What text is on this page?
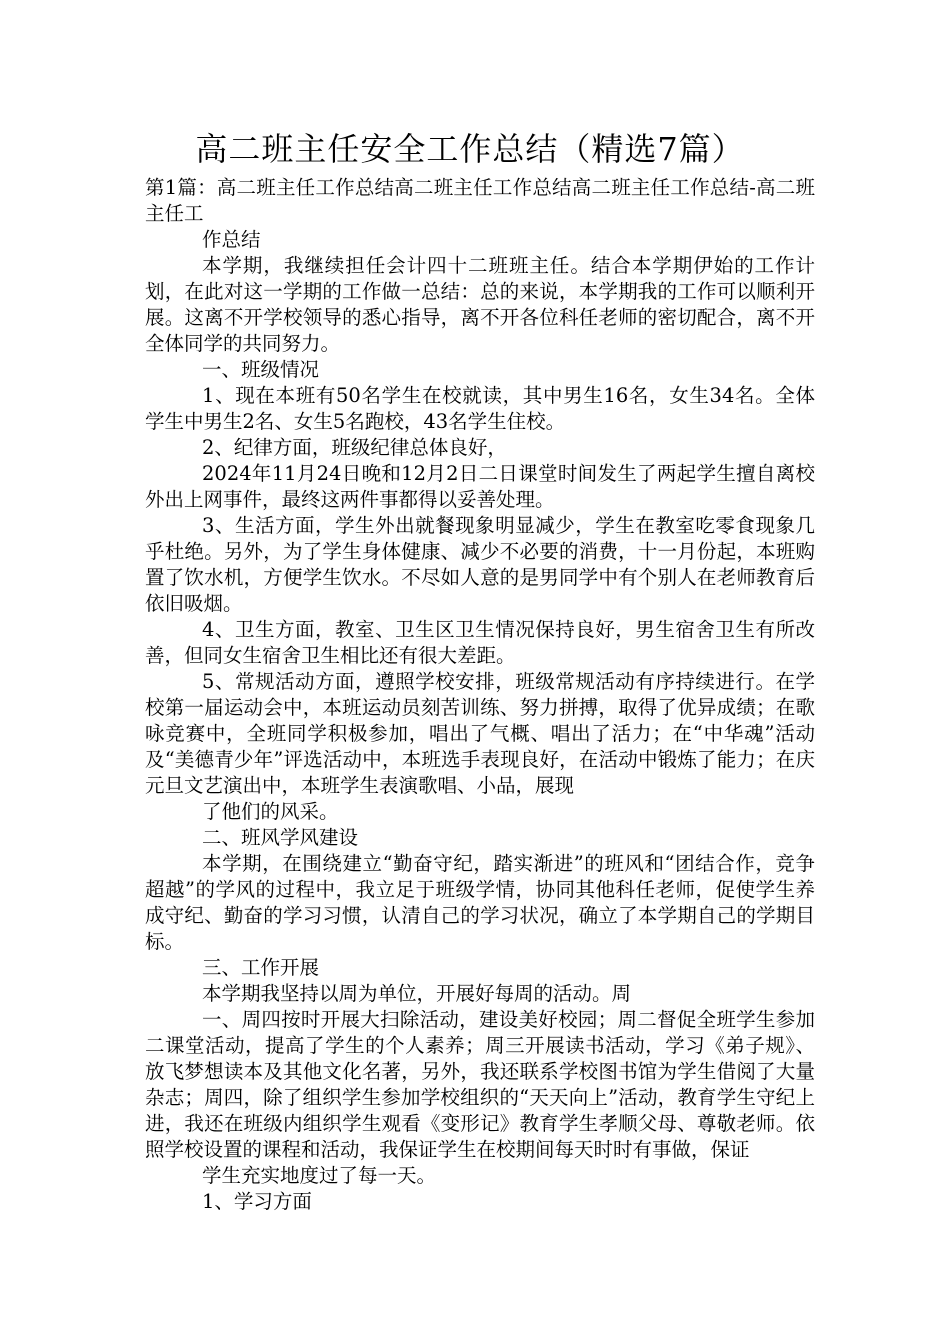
高二班主任安全工作总结（精选7篇）

第1篇：高二班主任工作总结高二班主任工作总结高二班主任工作总结-高二班主任工

作总结

本学期，我继续担任会计四十二班班主任。结合本学期伊始的工作计划，在此对这一学期的工作做一总结：总的来说，本学期我的工作可以顺利开展。这离不开学校领导的悉心指导，离不开各位科任老师的密切配合，离不开全体同学的共同努力。

一、班级情况

1、现在本班有50名学生在校就读，其中男生16名，女生34名。全体学生中男生2名、女生5名跑校，43名学生住校。

2、纪律方面，班级纪律总体良好，

2024年11月24日晚和12月2日二日课堂时间发生了两起学生擅自离校外出上网事件，最终这两件事都得以妥善处理。

3、生活方面，学生外出就餐现象明显减少，学生在教室吃零食现象几乎杜绝。另外，为了学生身体健康、减少不必要的消费，十一月份起，本班购置了饮水机，方便学生饮水。不尽如人意的是男同学中有个别人在老师教育后依旧吸烟。

4、卫生方面，教室、卫生区卫生情况保持良好，男生宿舍卫生有所改善，但同女生宿舍卫生相比还有很大差距。

5、常规活动方面，遵照学校安排，班级常规活动有序持续进行。在学校第一届运动会中，本班运动员刻苦训练、努力拼搏，取得了优异成绩；在歌咏竞赛中，全班同学积极参加，唱出了气概、唱出了活力；在“中华魂”活动及“美德青少年”评选活动中，本班选手表现良好，在活动中锻炼了能力；在庆元旦文艺演出中，本班学生表演歌唱、小品，展现

了他们的风采。

二、班风学风建设

本学期，在围绕建立“勤奋守纪，踏实渐进”的班风和“团结合作，竞争超越”的学风的过程中，我立足于班级学情，协同其他科任老师，促使学生养成守纪、勤奋的学习习惯，认清自己的学习状况，确立了本学期自己的学期目标。

三、工作开展

本学期我坚持以周为单位，开展好每周的活动。周

一、周四按时开展大扫除活动，建设美好校园；周二督促全班学生参加二课堂活动，提高了学生的个人素养；周三开展读书活动，学习《弟子规》、放飞梦想读本及其他文化名著，另外，我还联系学校图书馆为学生借阅了大量杂志；周四，除了组织学生参加学校组织的“天天向上”活动，教育学生守纪上进，我还在班级内组织学生观看《变形记》教育学生孝顺父母、尊敬老师。依照学校设置的课程和活动，我保证学生在校期间每天时时有事做，保证

学生充实地度过了每一天。

1、学习方面
